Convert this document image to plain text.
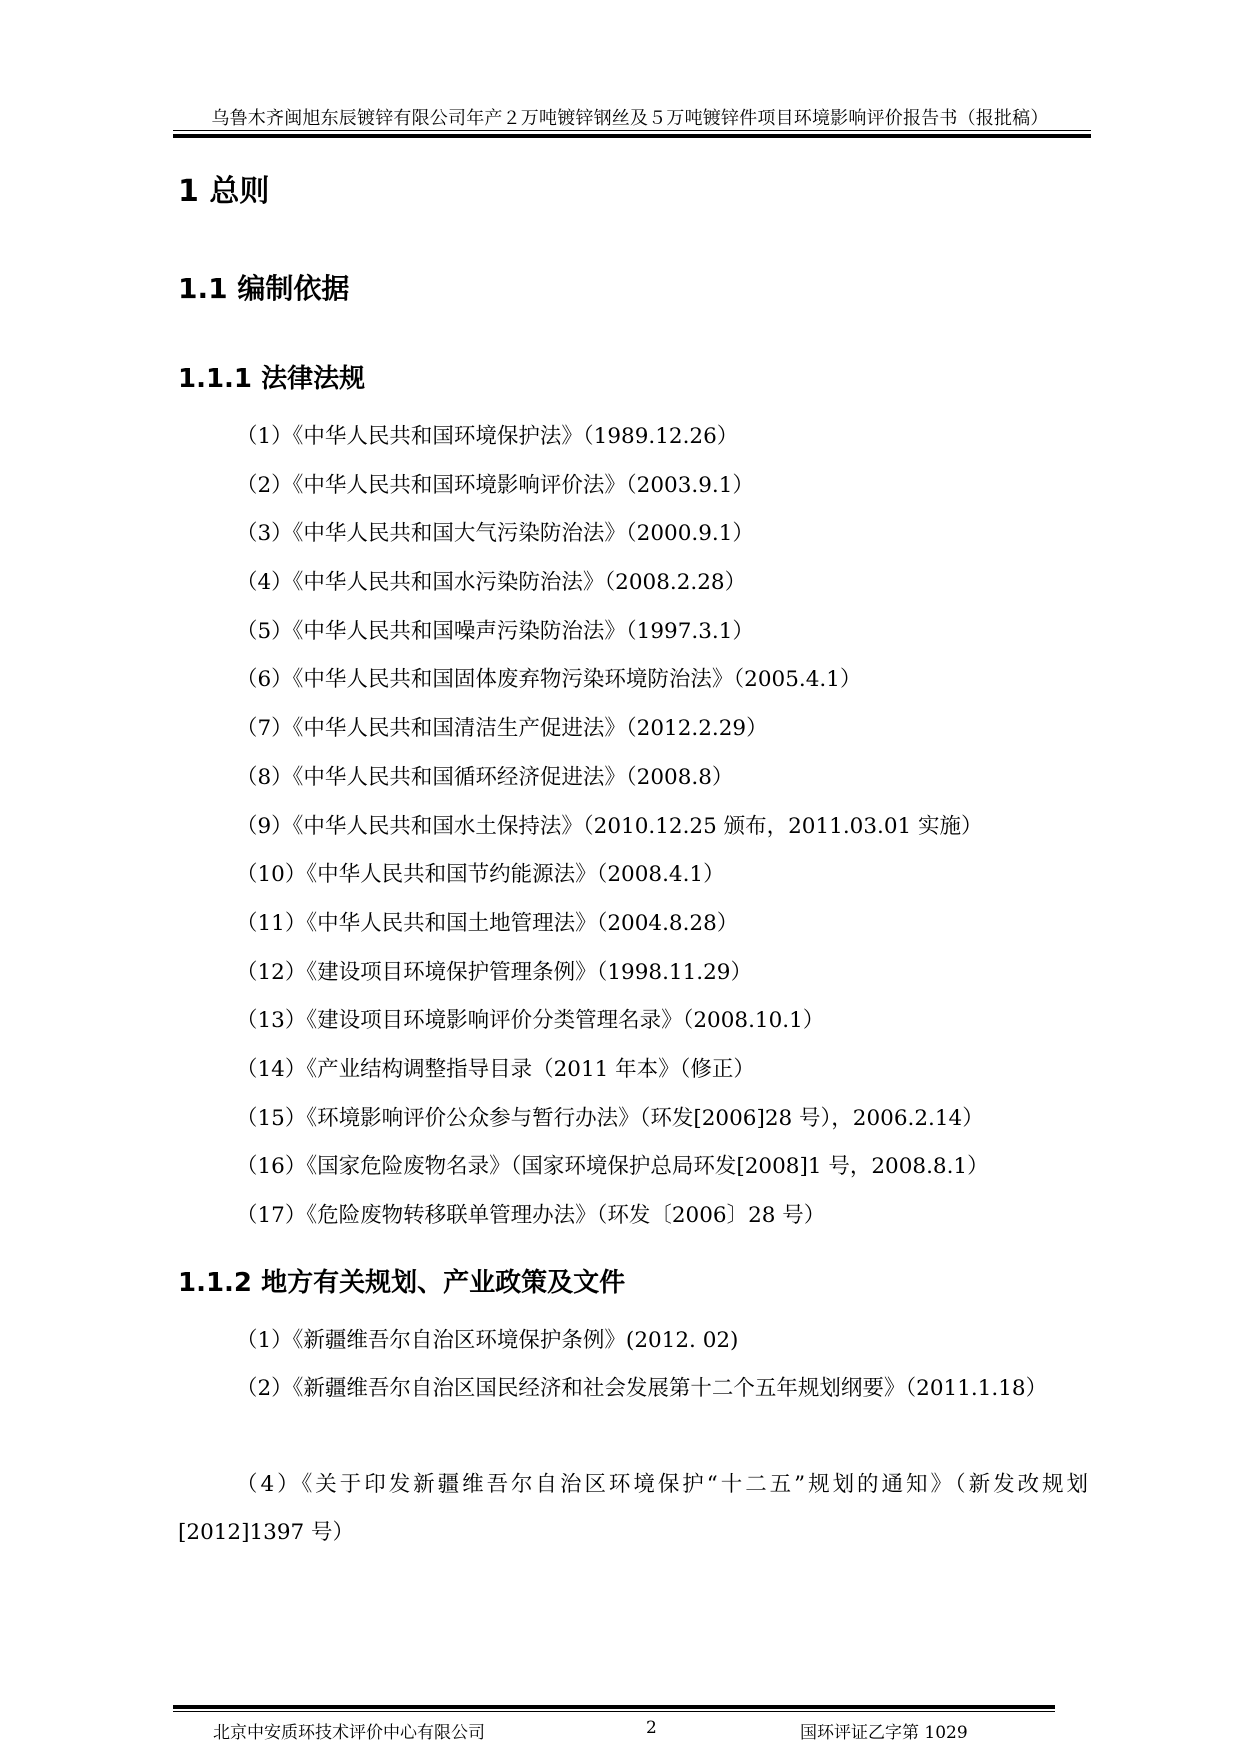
乌鲁木齐闽旭东辰镀锌有限公司年产２万吨镀锌钢丝及５万吨镀锌件项目环境影响评价报告书（报批稿）
1 总则
1.1 编制依据
1.1.1 法律法规
（1）《中华人民共和国环境保护法》（1989.12.26）
（2）《中华人民共和国环境影响评价法》（2003.9.1）
（3）《中华人民共和国大气污染防治法》（2000.9.1）
（4）《中华人民共和国水污染防治法》（2008.2.28）
（5）《中华人民共和国噪声污染防治法》（1997.3.1）
（6）《中华人民共和国固体废弃物污染环境防治法》（2005.4.1）
（7）《中华人民共和国清洁生产促进法》（2012.2.29）
（8）《中华人民共和国循环经济促进法》（2008.8）
（9）《中华人民共和国水土保持法》（2010.12.25 颁布，2011.03.01 实施）
（10）《中华人民共和国节约能源法》（2008.4.1）
（11）《中华人民共和国土地管理法》（2004.8.28）
（12）《建设项目环境保护管理条例》（1998.11.29）
（13）《建设项目环境影响评价分类管理名录》（2008.10.1）
（14）《产业结构调整指导目录（2011 年本》（修正）
（15）《环境影响评价公众参与暂行办法》（环发[2006]28 号），2006.2.14）
（16）《国家危险废物名录》（国家环境保护总局环发[2008]1 号，2008.8.1）
（17）《危险废物转移联单管理办法》（环发〔2006〕28 号）
1.1.2 地方有关规划、产业政策及文件
（1）《新疆维吾尔自治区环境保护条例》(2012. 02)
（2）《新疆维吾尔自治区国民经济和社会发展第十二个五年规划纲要》（2011.1.18）
（4）《关于印发新疆维吾尔自治区环境保护“十二五”规划的通知》（新发改规划[2012]1397 号）
北京中安质环技术评价中心有限公司	2	国环评证乙字第 1029
